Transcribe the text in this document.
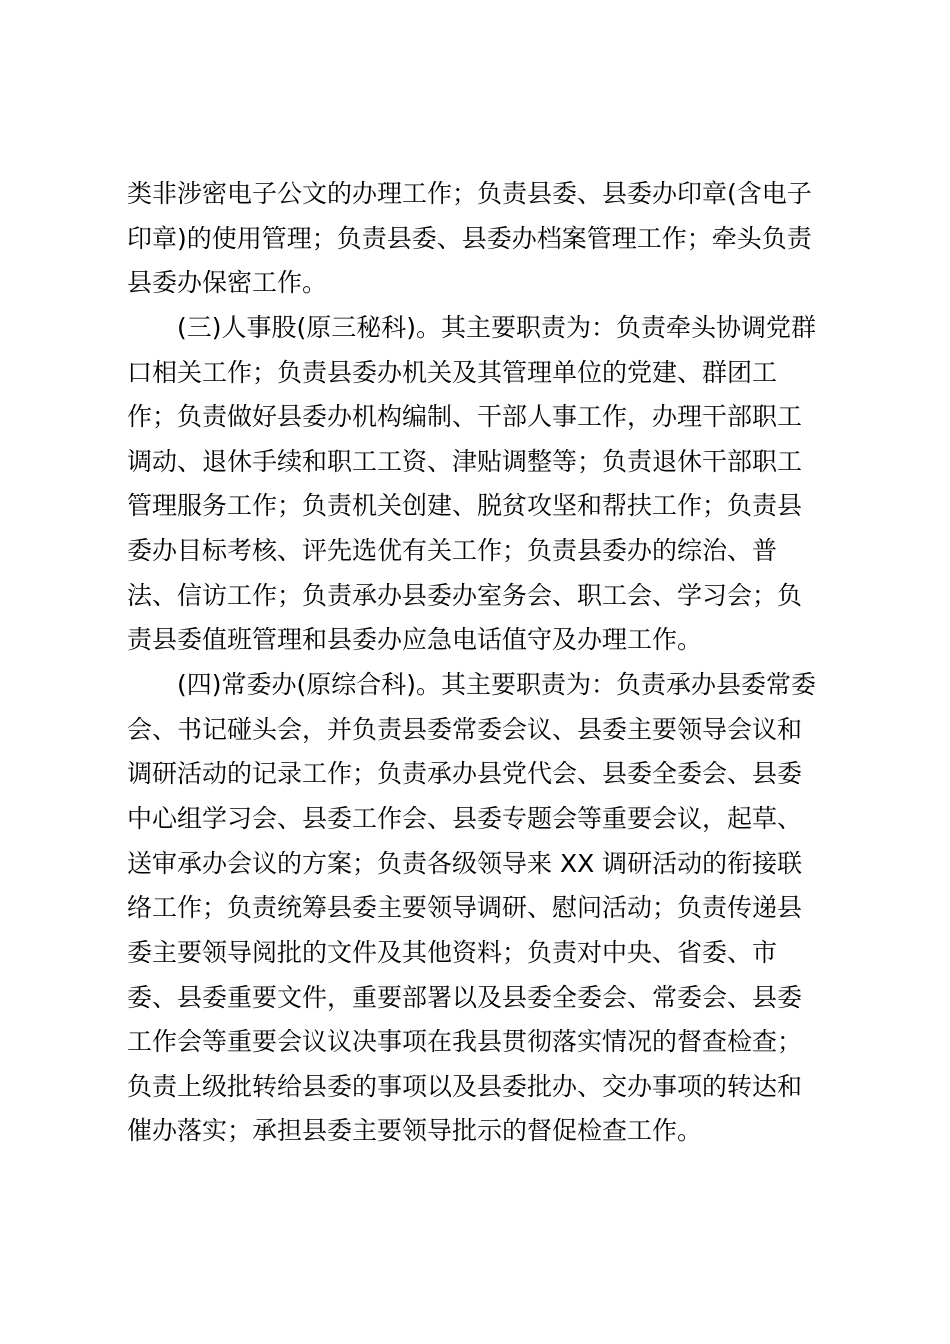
类非涉密电子公文的办理工作；负责县委、县委办印章(含电子
印章)的使用管理；负责县委、县委办档案管理工作；牵头负责
县委办保密工作。
(三)人事股(原三秘科)。其主要职责为：负责牵头协调党群
口相关工作；负责县委办机关及其管理单位的党建、群团工
作；负责做好县委办机构编制、干部人事工作，办理干部职工
调动、退休手续和职工工资、津贴调整等；负责退休干部职工
管理服务工作；负责机关创建、脱贫攻坚和帮扶工作；负责县
委办目标考核、评先选优有关工作；负责县委办的综治、普
法、信访工作；负责承办县委办室务会、职工会、学习会；负
责县委值班管理和县委办应急电话值守及办理工作。
(四)常委办(原综合科)。其主要职责为：负责承办县委常委
会、书记碰头会，并负责县委常委会议、县委主要领导会议和
调研活动的记录工作；负责承办县党代会、县委全委会、县委
中心组学习会、县委工作会、县委专题会等重要会议，起草、
送审承办会议的方案；负责各级领导来 XX 调研活动的衔接联
络工作；负责统筹县委主要领导调研、慰问活动；负责传递县
委主要领导阅批的文件及其他资料；负责对中央、省委、市
委、县委重要文件，重要部署以及县委全委会、常委会、县委
工作会等重要会议议决事项在我县贯彻落实情况的督查检查；
负责上级批转给县委的事项以及县委批办、交办事项的转达和
催办落实；承担县委主要领导批示的督促检查工作。
